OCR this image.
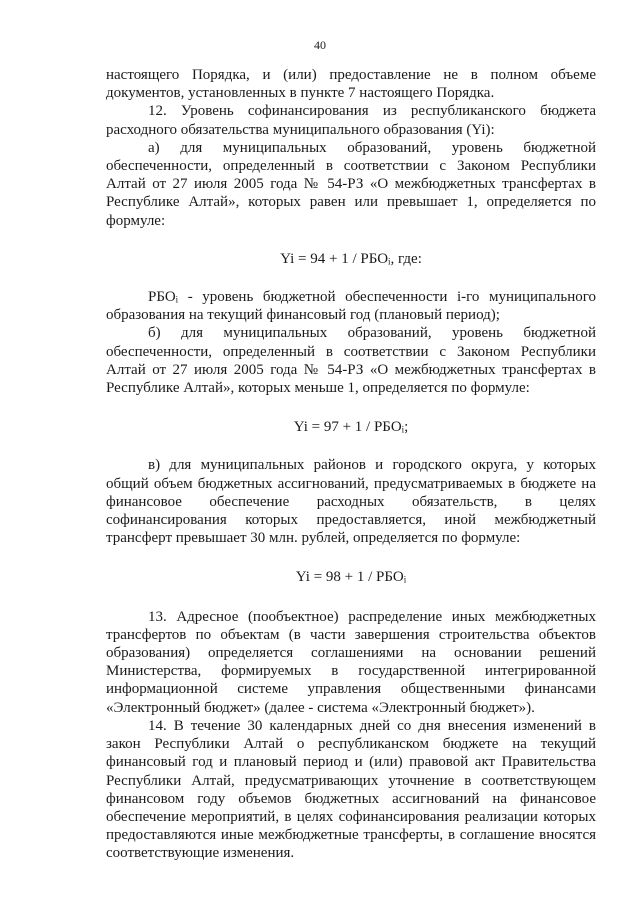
40

настоящего Порядка, и (или) предоставление не в полном объеме документов, установленных в пункте 7 настоящего Порядка.

12. Уровень софинансирования из республиканского бюджета расходного обязательства муниципального образования (Yi):

а) для муниципальных образований, уровень бюджетной обеспеченности, определенный в соответствии с Законом Республики Алтай от 27 июля 2005 года № 54-РЗ «О межбюджетных трансфертах в Республике Алтай», которых равен или превышает 1, определяется по формуле:

Yi = 94 + 1 / РБОᵢ, где:

РБОᵢ - уровень бюджетной обеспеченности i-го муниципального образования на текущий финансовый год (плановый период);

б) для муниципальных образований, уровень бюджетной обеспеченности, определенный в соответствии с Законом Республики Алтай от 27 июля 2005 года № 54-РЗ «О межбюджетных трансфертах в Республике Алтай», которых меньше 1, определяется по формуле:

Yi = 97 + 1 / РБОᵢ;

в) для муниципальных районов и городского округа, у которых общий объем бюджетных ассигнований, предусматриваемых в бюджете на финансовое обеспечение расходных обязательств, в целях софинансирования которых предоставляется, иной межбюджетный трансферт превышает 30 млн. рублей, определяется по формуле:

Yi = 98 + 1 / РБОᵢ

13. Адресное (пообъектное) распределение иных межбюджетных трансфертов по объектам (в части завершения строительства объектов образования) определяется соглашениями на основании решений Министерства, формируемых в государственной интегрированной информационной системе управления общественными финансами «Электронный бюджет» (далее - система «Электронный бюджет»).

14. В течение 30 календарных дней со дня внесения изменений в закон Республики Алтай о республиканском бюджете на текущий финансовый год и плановый период и (или) правовой акт Правительства Республики Алтай, предусматривающих уточнение в соответствующем финансовом году объемов бюджетных ассигнований на финансовое обеспечение мероприятий, в целях софинансирования реализации которых предоставляются иные межбюджетные трансферты, в соглашение вносятся соответствующие изменения.
